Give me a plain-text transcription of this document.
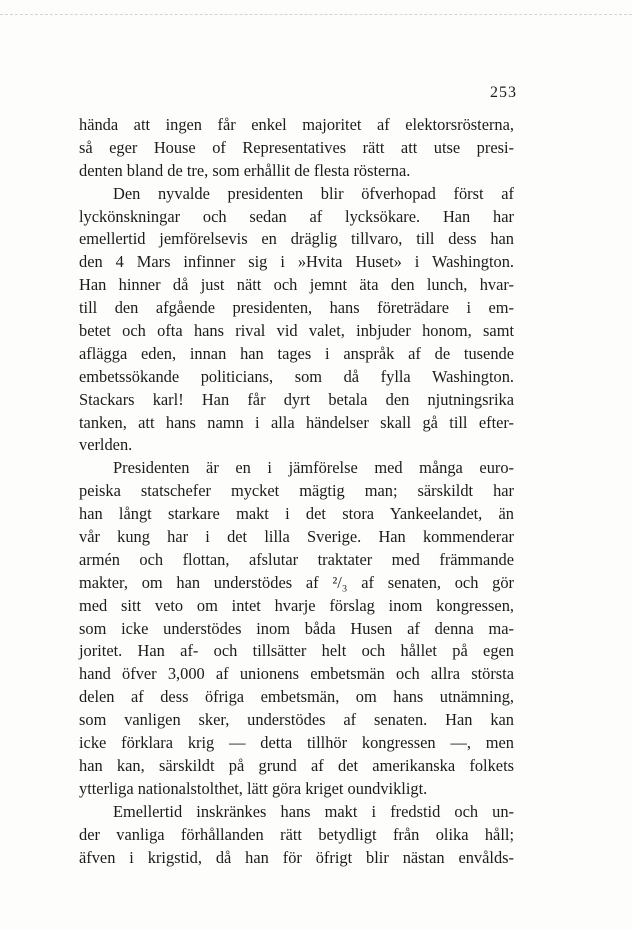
253
hända att ingen får enkel majoritet af elektorsrösterna,
så eger House of Representatives rätt att utse presi-
denten bland de tre, som erhållit de flesta rösterna.
Den nyvalde presidenten blir öfverhopad först af
lyckönskningar och sedan af lycksökare. Han har
emellertid jemförelsevis en dräglig tillvaro, till dess han
den 4 Mars infinner sig i »Hvita Huset» i Washington.
Han hinner då just nätt och jemnt äta den lunch, hvar-
till den afgående presidenten, hans företrädare i em-
betet och ofta hans rival vid valet, inbjuder honom, samt
aflägga eden, innan han tages i anspråk af de tusende
embetssökande politicians, som då fylla Washington.
Stackars karl! Han får dyrt betala den njutningsrika
tanken, att hans namn i alla händelser skall gå till efter-
verlden.
Presidenten är en i jämförelse med många euro-
peiska statschefer mycket mägtig man; särskildt har
han långt starkare makt i det stora Yankeelandet, än
vår kung har i det lilla Sverige. Han kommenderar
armén och flottan, afslutar traktater med främmande
makter, om han understödes af ²/₃ af senaten, och gör
med sitt veto om intet hvarje förslag inom kongressen,
som icke understödes inom båda Husen af denna ma-
joritet. Han af- och tillsätter helt och hållet på egen
hand öfver 3,000 af unionens embetsmän och allra största
delen af dess öfriga embetsmän, om hans utnämning,
som vanligen sker, understödes af senaten. Han kan
icke förklara krig — detta tillhör kongressen —, men
han kan, särskildt på grund af det amerikanska folkets
ytterliga nationalstolthet, lätt göra kriget oundvikligt.
Emellertid inskränkes hans makt i fredstid och un-
der vanliga förhållanden rätt betydligt från olika håll;
äfven i krigstid, då han för öfrigt blir nästan envålds-
